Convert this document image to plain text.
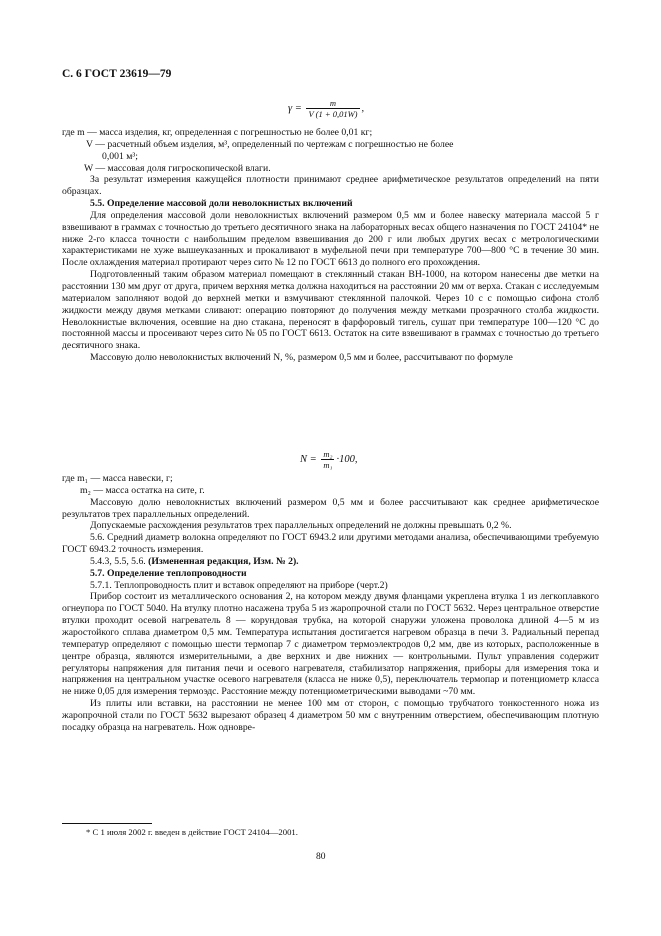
С. 6 ГОСТ 23619—79
$\gamma = \frac{m}{V (1 + 0,01W)}$ ,

где m — масса изделия, кг, определенная с погрешностью не более 0,01 кг;

V — расчетный объем изделия, м³, определенный по чертежам с погрешностью не более

0,001 м³;

W — массовая доля гигроскопической влаги.

За результат измерения кажущейся плотности принимают среднее арифметическое результатов определений на пяти образцах.

5.5. Определение массовой доли неволокнистых включений

Для определения массовой доли неволокнистых включений размером 0,5 мм и более навеску материала массой 5 г взвешивают в граммах с точностью до третьего десятичного знака на лабораторных весах общего назначения по ГОСТ 24104* не ниже 2-го класса точности с наибольшим пределом взвешивания до 200 г или любых других весах с метрологическими характеристиками не хуже вышеуказанных и прокаливают в муфельной печи при температуре 700—800 °С в течение 30 мин. После охлаждения материал протирают через сито № 12 по ГОСТ 6613 до полного его прохождения.

Подготовленный таким образом материал помещают в стеклянный стакан ВН-1000, на котором нанесены две метки на расстоянии 130 мм друг от друга, причем верхняя метка должна находиться на расстоянии 20 мм от верха. Стакан с исследуемым материалом заполняют водой до верхней метки и взмучивают стеклянной палочкой. Через 10 с с помощью сифона столб жидкости между двумя метками сливают: операцию повторяют до получения между метками прозрачного столба жидкости. Неволокнистые включения, осевшие на дно стакана, переносят в фарфоровый тигель, сушат при температуре 100—120 °С до постоянной массы и просеивают через сито № 05 по ГОСТ 6613. Остаток на сите взвешивают в граммах с точностью до третьего десятичного знака.

Массовую долю неволокнистых включений N, %, размером 0,5 мм и более, рассчитывают по формуле

$N = \frac{\text{m₂}}{\text{m₁}} \cdot 100$,

где m₁ — масса навески, г;

m₂ — масса остатка на сите, г.

Массовую долю неволокнистых включений размером 0,5 мм и более рассчитывают как среднее арифметическое результатов трех параллельных определений.

Допускаемые расхождения результатов трех параллельных определений не должны превышать 0,2 %.

5.6. Средний диаметр волокна определяют по ГОСТ 6943.2 или другими методами анализа, обеспечивающими требуемую ГОСТ 6943.2 точность измерения.

5.4.3, 5.5, 5.6. (Измененная редакция, Изм. № 2).

5.7. Определение теплопроводности

5.7.1. Теплопроводность плит и вставок определяют на приборе (черт.2)

Прибор состоит из металлического основания 2, на котором между двумя фланцами укреплена втулка 1 из легкоплавкого огнеупора по ГОСТ 5040. На втулку плотно насажена труба 5 из жаропрочной стали по ГОСТ 5632. Через центральное отверстие втулки проходит осевой нагреватель 8 — корундовая трубка, на которой снаружи уложена проволока длиной 4—5 м из жаростойкого сплава диаметром 0,5 мм. Температура испытания достигается нагревом образца в печи 3. Радиальный перепад температур определяют с помощью шести термопар 7 с диаметром термоэлектродов 0,2 мм, две из которых, расположенные в центре образца, являются измерительными, а две верхних и две нижних — контрольными. Пульт управления содержит регуляторы напряжения для питания печи и осевого нагревателя, стабилизатор напряжения, приборы для измерения тока и напряжения на центральном участке осевого нагревателя (класса не ниже 0,5), переключатель термопар и потенциометр класса не ниже 0,05 для измерения термоэдс. Расстояние между потенциометрическими выводами ~70 мм.

Из плиты или вставки, на расстоянии не менее 100 мм от сторон, с помощью трубчатого тонкостенного ножа из жаропрочной стали по ГОСТ 5632 вырезают образец 4 диаметром 50 мм с внутренним отверстием, обеспечивающим плотную посадку образца на нагреватель. Нож одновре-

* С 1 июля 2002 г. введен в действие ГОСТ 24104—2001.
80
